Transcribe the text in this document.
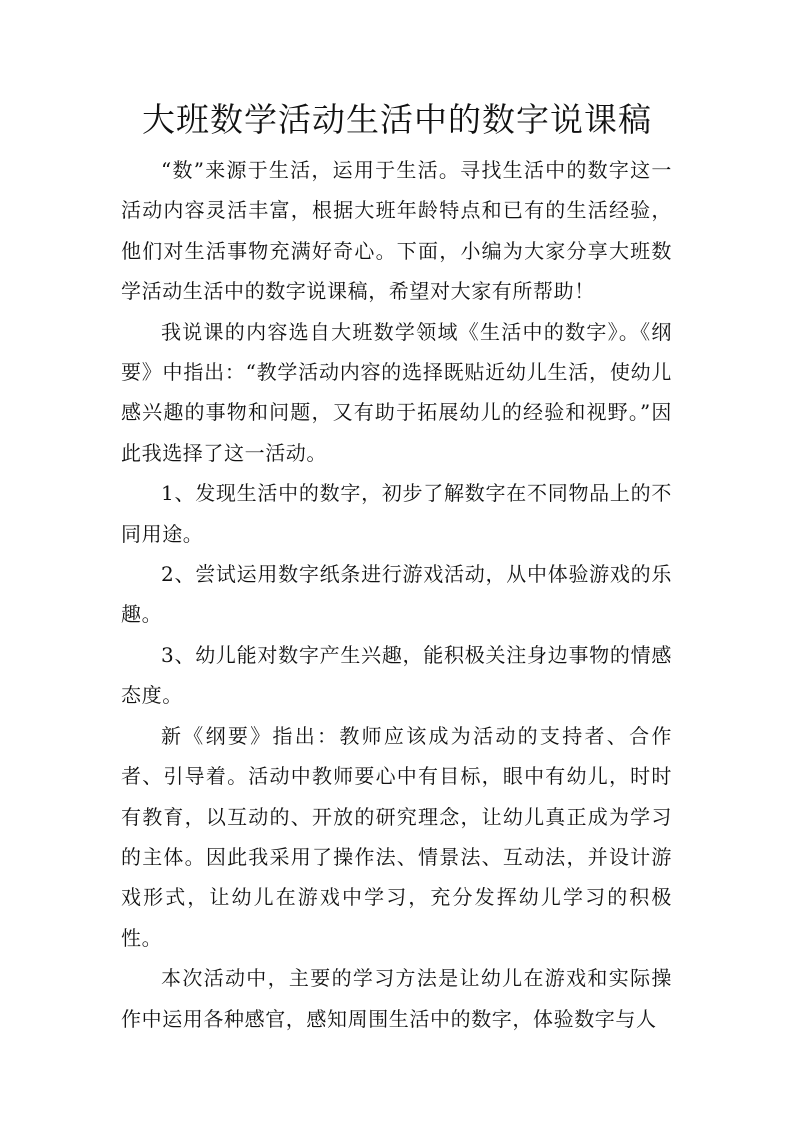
大班数学活动生活中的数字说课稿

“数”来源于生活，运用于生活。寻找生活中的数字这一活动内容灵活丰富，根据大班年龄特点和已有的生活经验，他们对生活事物充满好奇心。下面，小编为大家分享大班数学活动生活中的数字说课稿，希望对大家有所帮助！

我说课的内容选自大班数学领域《生活中的数字》。《纲要》中指出：“教学活动内容的选择既贴近幼儿生活，使幼儿感兴趣的事物和问题，又有助于拓展幼儿的经验和视野。”因此我选择了这一活动。

1、发现生活中的数字，初步了解数字在不同物品上的不同用途。

2、尝试运用数字纸条进行游戏活动，从中体验游戏的乐趣。

3、幼儿能对数字产生兴趣，能积极关注身边事物的情感态度。

新《纲要》指出：教师应该成为活动的支持者、合作者、引导着。活动中教师要心中有目标，眼中有幼儿，时时有教育，以互动的、开放的研究理念，让幼儿真正成为学习的主体。因此我采用了操作法、情景法、互动法，并设计游戏形式，让幼儿在游戏中学习，充分发挥幼儿学习的积极性。

本次活动中，主要的学习方法是让幼儿在游戏和实际操作中运用各种感官，感知周围生活中的数字，体验数字与人
